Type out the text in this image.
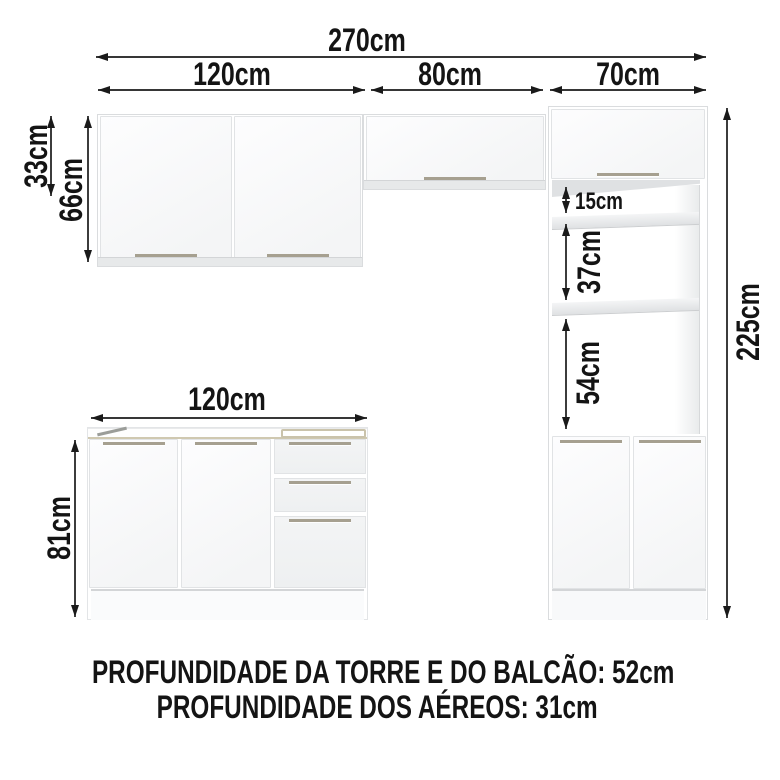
270cm
120cm	80cm	70cm
33cm
66cm	15cm
37cm
54cm
225cm
120cm
81cm
PROFUNDIDADE DA TORRE E DO BALCÃO: 52cm
PROFUNDIDADE DOS AÉREOS: 31cm
